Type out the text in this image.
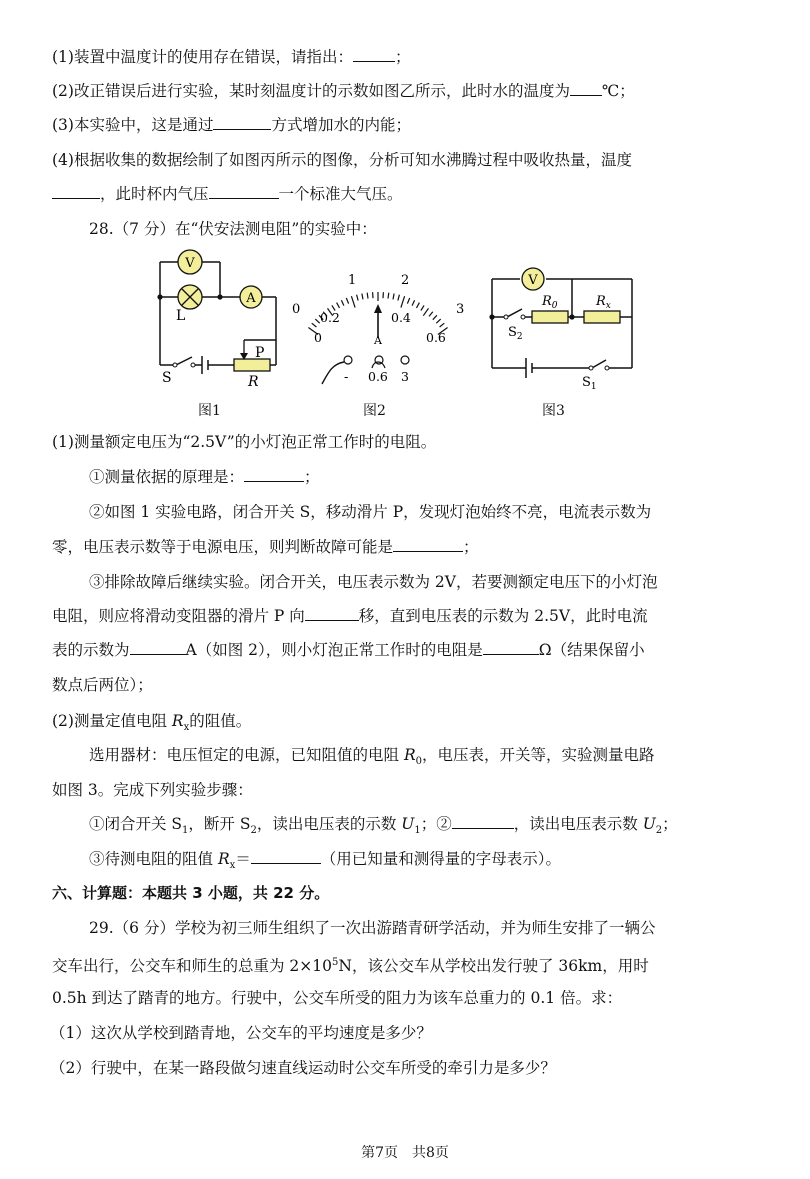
(1)装置中温度计的使用存在错误，请指出：	；
(2)改正错误后进行实验，某时刻温度计的示数如图乙所示，此时水的温度为 ℃；
(3)本实验中，这是通过	方式增加水的内能；
(4)根据收集的数据绘制了如图丙所示的图像，分析可知水沸腾过程中吸收热量，温度
，此时杯内气压	一个标准大气压。
28.（7 分）在“伏安法测电阻”的实验中：
V
A
L
S
P
R
图1
1	2
3
0
0.2	0.4
0	0.6
A
- 0.6 3
图2
V
$R_0$	$R_x$
$S_2$
$S_1$
图3
(1)测量额定电压为“2.5V”的小灯泡正常工作时的电阻。
①测量依据的原理是：	；
②如图 1 实验电路，闭合开关 S，移动滑片 P，发现灯泡始终不亮，电流表示数为
零，电压表示数等于电源电压，则判断故障可能是	；
③排除故障后继续实验。闭合开关，电压表示数为 2V，若要测额定电压下的小灯泡
电阻，则应将滑动变阻器的滑片 P 向	移，直到电压表的示数为 2.5V，此时电流
表的示数为	A（如图 2），则小灯泡正常工作时的电阻是	Ω（结果保留小
数点后两位）；
(2)测量定值电阻 $R_x$的阻值。
选用器材：电压恒定的电源，已知阻值的电阻 $R_0$，电压表，开关等，实验测量电路
如图 3。完成下列实验步骤：
①闭合开关 $S_1$，断开 $S_2$，读出电压表的示数 $U_1$；②	，读出电压表示数 $U_2$；
③待测电阻的阻值 $R_x=$	（用已知量和测得量的字母表示）。
六、计算题：本题共 3 小题，共 22 分。
29.（6 分）学校为初三师生组织了一次出游踏青研学活动，并为师生安排了一辆公
交车出行，公交车和师生的总重为 $2\times 10^5N$，该公交车从学校出发行驶了 36km，用时
0.5h 到达了踏青的地方。行驶中，公交车所受的阻力为该车总重力的 0.1 倍。求：
（1）这次从学校到踏青地，公交车的平均速度是多少？
（2）行驶中，在某一路段做匀速直线运动时公交车所受的牵引力是多少？
第7页　共8页
